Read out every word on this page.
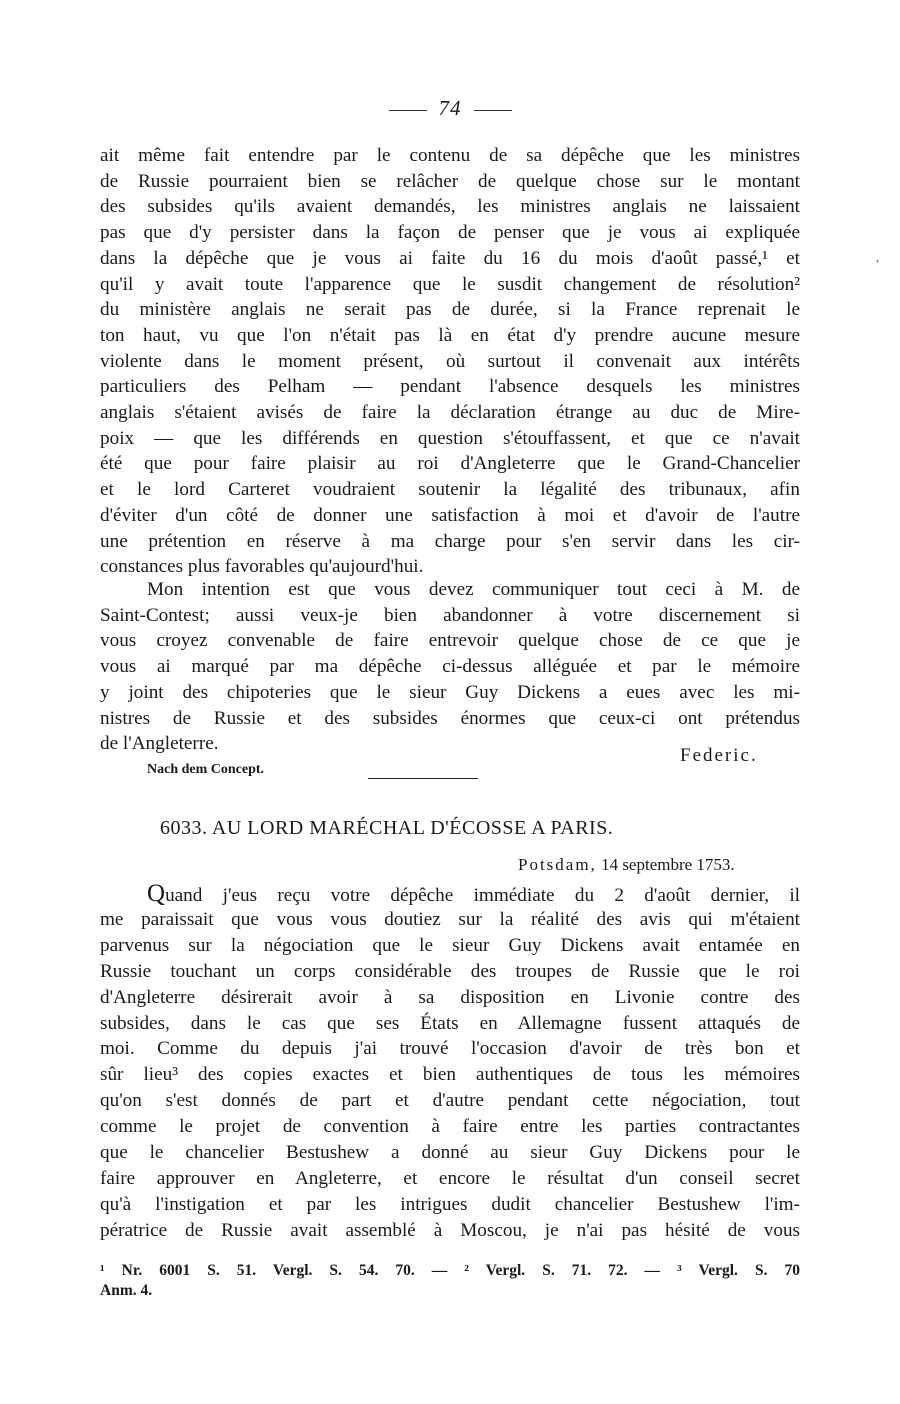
74
,
ait même fait entendre par le contenu de sa dépêche que les ministres
de Russie pourraient bien se relâcher de quelque chose sur le montant
des subsides qu'ils avaient demandés, les ministres anglais ne laissaient
pas que d'y persister dans la façon de penser que je vous ai expliquée
dans la dépêche que je vous ai faite du 16 du mois d'août passé,¹ et
qu'il y avait toute l'apparence que le susdit changement de résolution²
du ministère anglais ne serait pas de durée, si la France reprenait le
ton haut, vu que l'on n'était pas là en état d'y prendre aucune mesure
violente dans le moment présent, où surtout il convenait aux intérêts
particuliers des Pelham — pendant l'absence desquels les ministres
anglais s'étaient avisés de faire la déclaration étrange au duc de Mire-
poix — que les différends en question s'étouffassent, et que ce n'avait
été que pour faire plaisir au roi d'Angleterre que le Grand-Chancelier
et le lord Carteret voudraient soutenir la légalité des tribunaux, afin
d'éviter d'un côté de donner une satisfaction à moi et d'avoir de l'autre
une prétention en réserve à ma charge pour s'en servir dans les cir-
constances plus favorables qu'aujourd'hui.
Mon intention est que vous devez communiquer tout ceci à M. de
Saint-Contest; aussi veux-je bien abandonner à votre discernement si
vous croyez convenable de faire entrevoir quelque chose de ce que je
vous ai marqué par ma dépêche ci-dessus alléguée et par le mémoire
y joint des chipoteries que le sieur Guy Dickens a eues avec les mi-
nistres de Russie et des subsides énormes que ceux-ci ont prétendus
de l'Angleterre.
Federic.
Nach dem Concept.
6033. AU LORD MARÉCHAL D'ÉCOSSE A PARIS.
Potsdam, 14 septembre 1753.
Quand j'eus reçu votre dépêche immédiate du 2 d'août dernier, il
me paraissait que vous vous doutiez sur la réalité des avis qui m'étaient
parvenus sur la négociation que le sieur Guy Dickens avait entamée en
Russie touchant un corps considérable des troupes de Russie que le roi
d'Angleterre désirerait avoir à sa disposition en Livonie contre des
subsides, dans le cas que ses États en Allemagne fussent attaqués de
moi. Comme du depuis j'ai trouvé l'occasion d'avoir de très bon et
sûr lieu³ des copies exactes et bien authentiques de tous les mémoires
qu'on s'est donnés de part et d'autre pendant cette négociation, tout
comme le projet de convention à faire entre les parties contractantes
que le chancelier Bestushew a donné au sieur Guy Dickens pour le
faire approuver en Angleterre, et encore le résultat d'un conseil secret
qu'à l'instigation et par les intrigues dudit chancelier Bestushew l'im-
pératrice de Russie avait assemblé à Moscou, je n'ai pas hésité de vous
¹ Nr. 6001 S. 51. Vergl. S. 54. 70. — ² Vergl. S. 71. 72. — ³ Vergl. S. 70
Anm. 4.
